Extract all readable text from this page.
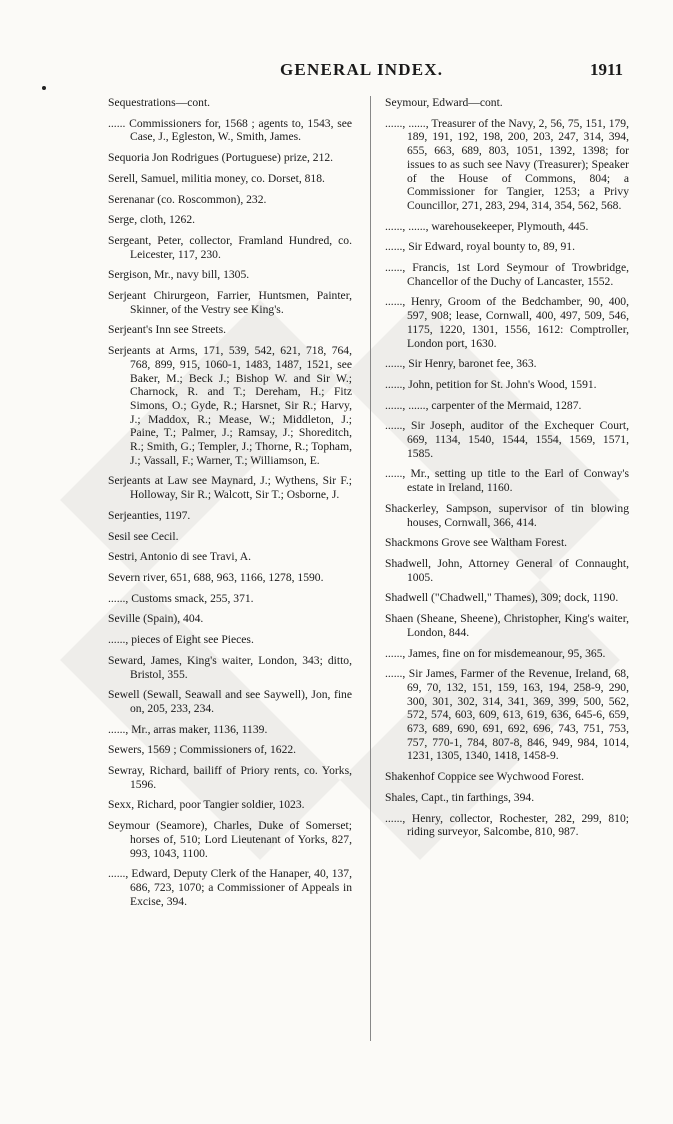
GENERAL INDEX.	1911

Sequestrations—cont.

...... Commissioners for, 1568 ; agents to, 1543, see Case, J., Egleston, W., Smith, James.

Sequoria Jon Rodrigues (Portuguese) prize, 212.

Serell, Samuel, militia money, co. Dorset, 818.

Serenanar (co. Roscommon), 232.

Serge, cloth, 1262.

Sergeant, Peter, collector, Framland Hundred, co. Leicester, 117, 230.

Sergison, Mr., navy bill, 1305.

Serjeant Chirurgeon, Farrier, Huntsmen, Painter, Skinner, of the Vestry see King's.

Serjeant's Inn see Streets.

Serjeants at Arms, 171, 539, 542, 621, 718, 764, 768, 899, 915, 1060-1, 1483, 1487, 1521, see Baker, M.; Beck J.; Bishop W. and Sir W.; Charnock, R. and T.; Dereham, H.; Fitz Simons, O.; Gyde, R.; Harsnet, Sir R.; Harvy, J.; Maddox, R.; Mease, W.; Middleton, J.; Paine, T.; Palmer, J.; Ramsay, J.; Shoreditch, R.; Smith, G.; Templer, J.; Thorne, R.; Topham, J.; Vassall, F.; Warner, T.; Williamson, E.

Serjeants at Law see Maynard, J.; Wythens, Sir F.; Holloway, Sir R.; Walcott, Sir T.; Osborne, J.

Serjeanties, 1197.

Sesil see Cecil.

Sestri, Antonio di see Travi, A.

Severn river, 651, 688, 963, 1166, 1278, 1590.

......, Customs smack, 255, 371.

Seville (Spain), 404.

......, pieces of Eight see Pieces.

Seward, James, King's waiter, London, 343; ditto, Bristol, 355.

Sewell (Sewall, Seawall and see Saywell), Jon, fine on, 205, 233, 234.

......, Mr., arras maker, 1136, 1139.

Sewers, 1569 ; Commissioners of, 1622.

Sewray, Richard, bailiff of Priory rents, co. Yorks, 1596.

Sexx, Richard, poor Tangier soldier, 1023.

Seymour (Seamore), Charles, Duke of Somerset; horses of, 510; Lord Lieutenant of Yorks, 827, 993, 1043, 1100.

......, Edward, Deputy Clerk of the Hanaper, 40, 137, 686, 723, 1070; a Commissioner of Appeals in Excise, 394.

Seymour, Edward—cont.

......, ......, Treasurer of the Navy, 2, 56, 75, 151, 179, 189, 191, 192, 198, 200, 203, 247, 314, 394, 655, 663, 689, 803, 1051, 1392, 1398; for issues to as such see Navy (Treasurer); Speaker of the House of Commons, 804; a Commissioner for Tangier, 1253; a Privy Councillor, 271, 283, 294, 314, 354, 562, 568.

......, ......, warehousekeeper, Plymouth, 445.

......, Sir Edward, royal bounty to, 89, 91.

......, Francis, 1st Lord Seymour of Trowbridge, Chancellor of the Duchy of Lancaster, 1552.

......, Henry, Groom of the Bedchamber, 90, 400, 597, 908; lease, Cornwall, 400, 497, 509, 546, 1175, 1220, 1301, 1556, 1612: Comptroller, London port, 1630.

......, Sir Henry, baronet fee, 363.

......, John, petition for St. John's Wood, 1591.

......, ......, carpenter of the Mermaid, 1287.

......, Sir Joseph, auditor of the Exchequer Court, 669, 1134, 1540, 1544, 1554, 1569, 1571, 1585.

......, Mr., setting up title to the Earl of Conway's estate in Ireland, 1160.

Shackerley, Sampson, supervisor of tin blowing houses, Cornwall, 366, 414.

Shackmons Grove see Waltham Forest.

Shadwell, John, Attorney General of Connaught, 1005.

Shadwell ("Chadwell," Thames), 309; dock, 1190.

Shaen (Sheane, Sheene), Christopher, King's waiter, London, 844.

......, James, fine on for misdemeanour, 95, 365.

......, Sir James, Farmer of the Revenue, Ireland, 68, 69, 70, 132, 151, 159, 163, 194, 258-9, 290, 300, 301, 302, 314, 341, 369, 399, 500, 562, 572, 574, 603, 609, 613, 619, 636, 645-6, 659, 673, 689, 690, 691, 692, 696, 743, 751, 753, 757, 770-1, 784, 807-8, 846, 949, 984, 1014, 1231, 1305, 1340, 1418, 1458-9.

Shakenhof Coppice see Wychwood Forest.

Shales, Capt., tin farthings, 394.

......, Henry, collector, Rochester, 282, 299, 810; riding surveyor, Salcombe, 810, 987.
